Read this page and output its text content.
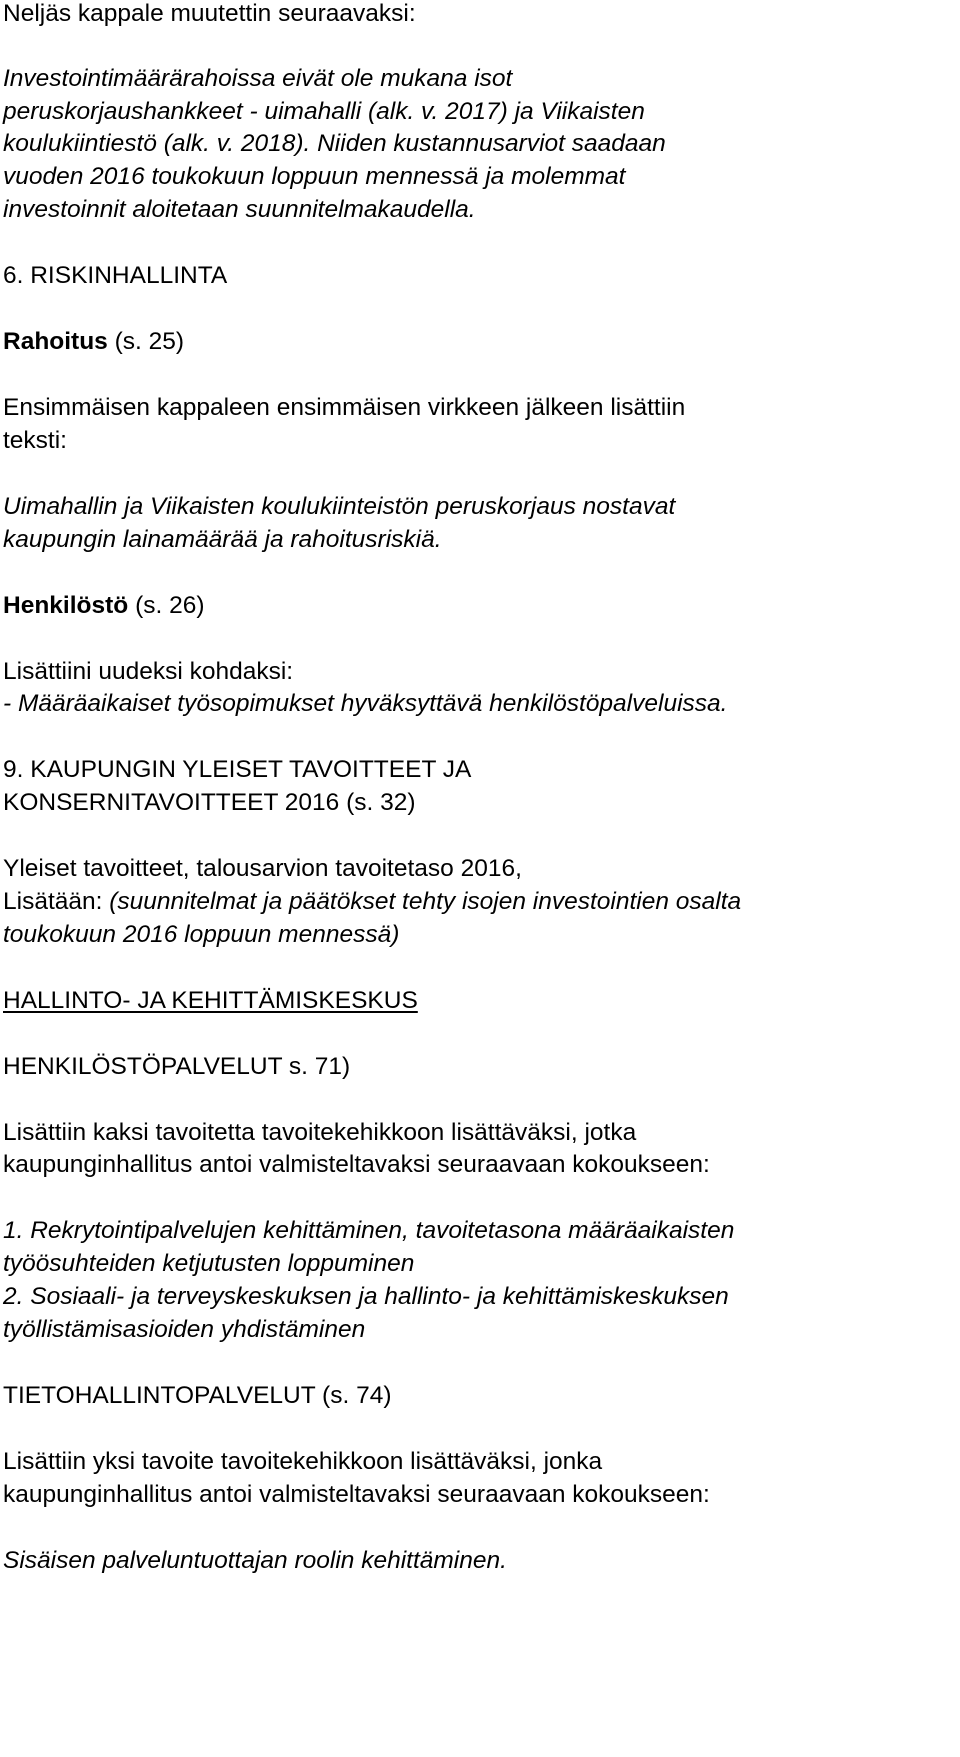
Neljäs kappale muutettin seuraavaksi:
Investointimäärärahoissa eivät ole mukana isot
peruskorjaushankkeet - uimahalli (alk. v. 2017) ja Viikaisten
koulukiintiestö (alk. v. 2018). Niiden kustannusarviot saadaan
vuoden 2016 toukokuun loppuun mennessä ja molemmat
investoinnit aloitetaan suunnitelmakaudella.
6. RISKINHALLINTA
Rahoitus (s. 25)
Ensimmäisen kappaleen ensimmäisen virkkeen jälkeen lisättiin
teksti:
Uimahallin ja Viikaisten koulukiinteistön peruskorjaus nostavat
kaupungin lainamäärää ja rahoitusriskiä.
Henkilöstö (s. 26)
Lisättiini uudeksi kohdaksi:
- Määräaikaiset työsopimukset hyväksyttävä henkilöstöpalveluissa.
9. KAUPUNGIN YLEISET TAVOITTEET JA
KONSERNITAVOITTEET 2016 (s. 32)
Yleiset tavoitteet, talousarvion tavoitetaso 2016,
Lisätään: (suunnitelmat ja päätökset tehty isojen investointien osalta
toukokuun 2016 loppuun mennessä)
HALLINTO- JA KEHITTÄMISKESKUS
HENKILÖSTÖPALVELUT s. 71)
Lisättiin kaksi tavoitetta tavoitekehikkoon lisättäväksi, jotka
kaupunginhallitus antoi valmisteltavaksi seuraavaan kokoukseen:
1. Rekrytointipalvelujen kehittäminen, tavoitetasona määräaikaisten
työösuhteiden ketjutusten loppuminen
2. Sosiaali- ja terveyskeskuksen ja hallinto- ja kehittämiskeskuksen
työllistämisasioiden yhdistäminen
TIETOHALLINTOPALVELUT (s. 74)
Lisättiin yksi tavoite tavoitekehikkoon lisättäväksi, jonka
kaupunginhallitus antoi valmisteltavaksi seuraavaan kokoukseen:
Sisäisen palveluntuottajan roolin kehittäminen.
